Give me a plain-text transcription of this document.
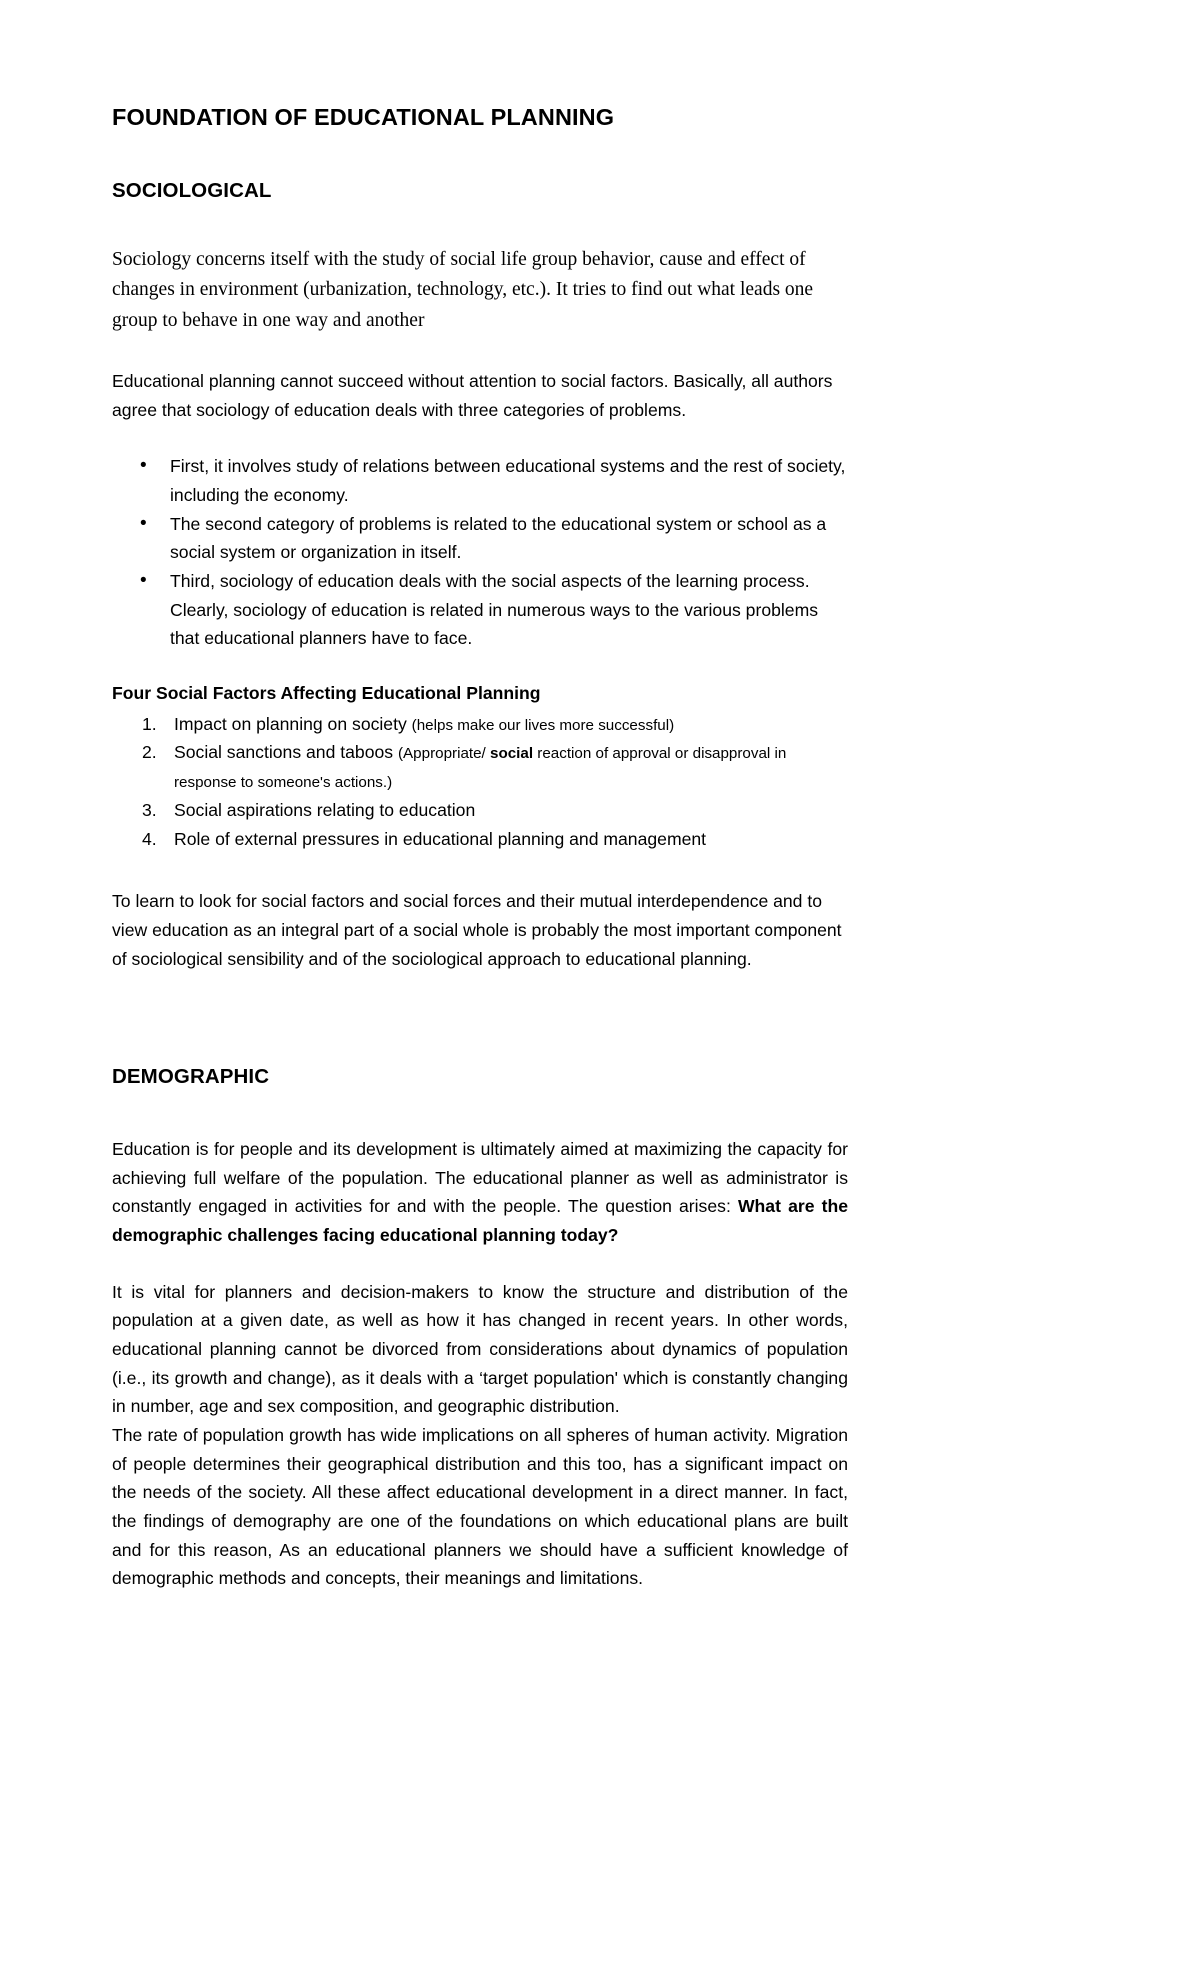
FOUNDATION OF EDUCATIONAL PLANNING
SOCIOLOGICAL

Sociology concerns itself with the study of social life group behavior, cause and effect of changes in environment (urbanization, technology, etc.). It tries to find out what leads one group to behave in one way and another

Educational planning cannot succeed without attention to social factors. Basically, all authors agree that sociology of education deals with three categories of problems.

• First, it involves study of relations between educational systems and the rest of society, including the economy.
• The second category of problems is related to the educational system or school as a social system or organization in itself.
• Third, sociology of education deals with the social aspects of the learning process. Clearly, sociology of education is related in numerous ways to the various problems that educational planners have to face.

Four Social Factors Affecting Educational Planning

Impact on planning on society (helps make our lives more successful)
Social sanctions and taboos (Appropriate/ social reaction of approval or disapproval in response to someone's actions.)
Social aspirations relating to education
Role of external pressures in educational planning and management

To learn to look for social factors and social forces and their mutual interdependence and to view education as an integral part of a social whole is probably the most important component of sociological sensibility and of the sociological approach to educational planning.

DEMOGRAPHIC

Education is for people and its development is ultimately aimed at maximizing the capacity for achieving full welfare of the population. The educational planner as well as administrator is constantly engaged in activities for and with the people. The question arises: What are the demographic challenges facing educational planning today?

It is vital for planners and decision-makers to know the structure and distribution of the population at a given date, as well as how it has changed in recent years. In other words, educational planning cannot be divorced from considerations about dynamics of population (i.e., its growth and change), as it deals with a ‘target population' which is constantly changing in number, age and sex composition, and geographic distribution.

The rate of population growth has wide implications on all spheres of human activity. Migration of people determines their geographical distribution and this too, has a significant impact on the needs of the society. All these affect educational development in a direct manner. In fact, the findings of demography are one of the foundations on which educational plans are built and for this reason, As an educational planners we should have a sufficient knowledge of demographic methods and concepts, their meanings and limitations.
